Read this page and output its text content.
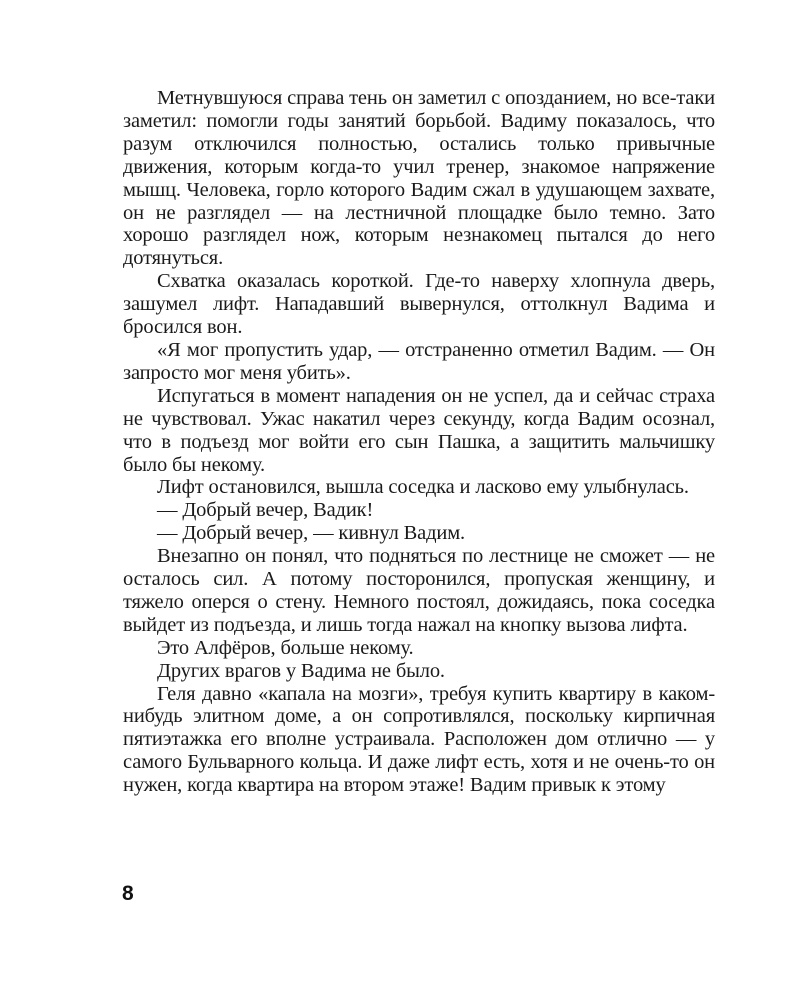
Метнувшуюся справа тень он заметил с опозданием, но все-таки заметил: помогли годы занятий борьбой. Вадиму показалось, что разум отключился полностью, остались только привычные движения, которым когда-то учил тренер, знакомое напряжение мышц. Человека, горло которого Вадим сжал в удушающем захвате, он не разглядел — на лестничной площадке было темно. Зато хорошо разглядел нож, которым незнакомец пытался до него дотянуться.

Схватка оказалась короткой. Где-то наверху хлопнула дверь, зашумел лифт. Нападавший вывернулся, оттолкнул Вадима и бросился вон.

«Я мог пропустить удар, — отстраненно отметил Вадим. — Он запросто мог меня убить».

Испугаться в момент нападения он не успел, да и сейчас страха не чувствовал. Ужас накатил через секунду, когда Вадим осознал, что в подъезд мог войти его сын Пашка, а защитить мальчишку было бы некому.

Лифт остановился, вышла соседка и ласково ему улыбнулась.

— Добрый вечер, Вадик!

— Добрый вечер, — кивнул Вадим.

Внезапно он понял, что подняться по лестнице не сможет — не осталось сил. А потому посторонился, пропуская женщину, и тяжело оперся о стену. Немного постоял, дожидаясь, пока соседка выйдет из подъезда, и лишь тогда нажал на кнопку вызова лифта.

Это Алфёров, больше некому.

Других врагов у Вадима не было.

Геля давно «капала на мозги», требуя купить квартиру в каком-нибудь элитном доме, а он сопротивлялся, поскольку кирпичная пятиэтажка его вполне устраивала. Расположен дом отлично — у самого Бульварного кольца. И даже лифт есть, хотя и не очень-то он нужен, когда квартира на втором этаже! Вадим привык к этому

8
